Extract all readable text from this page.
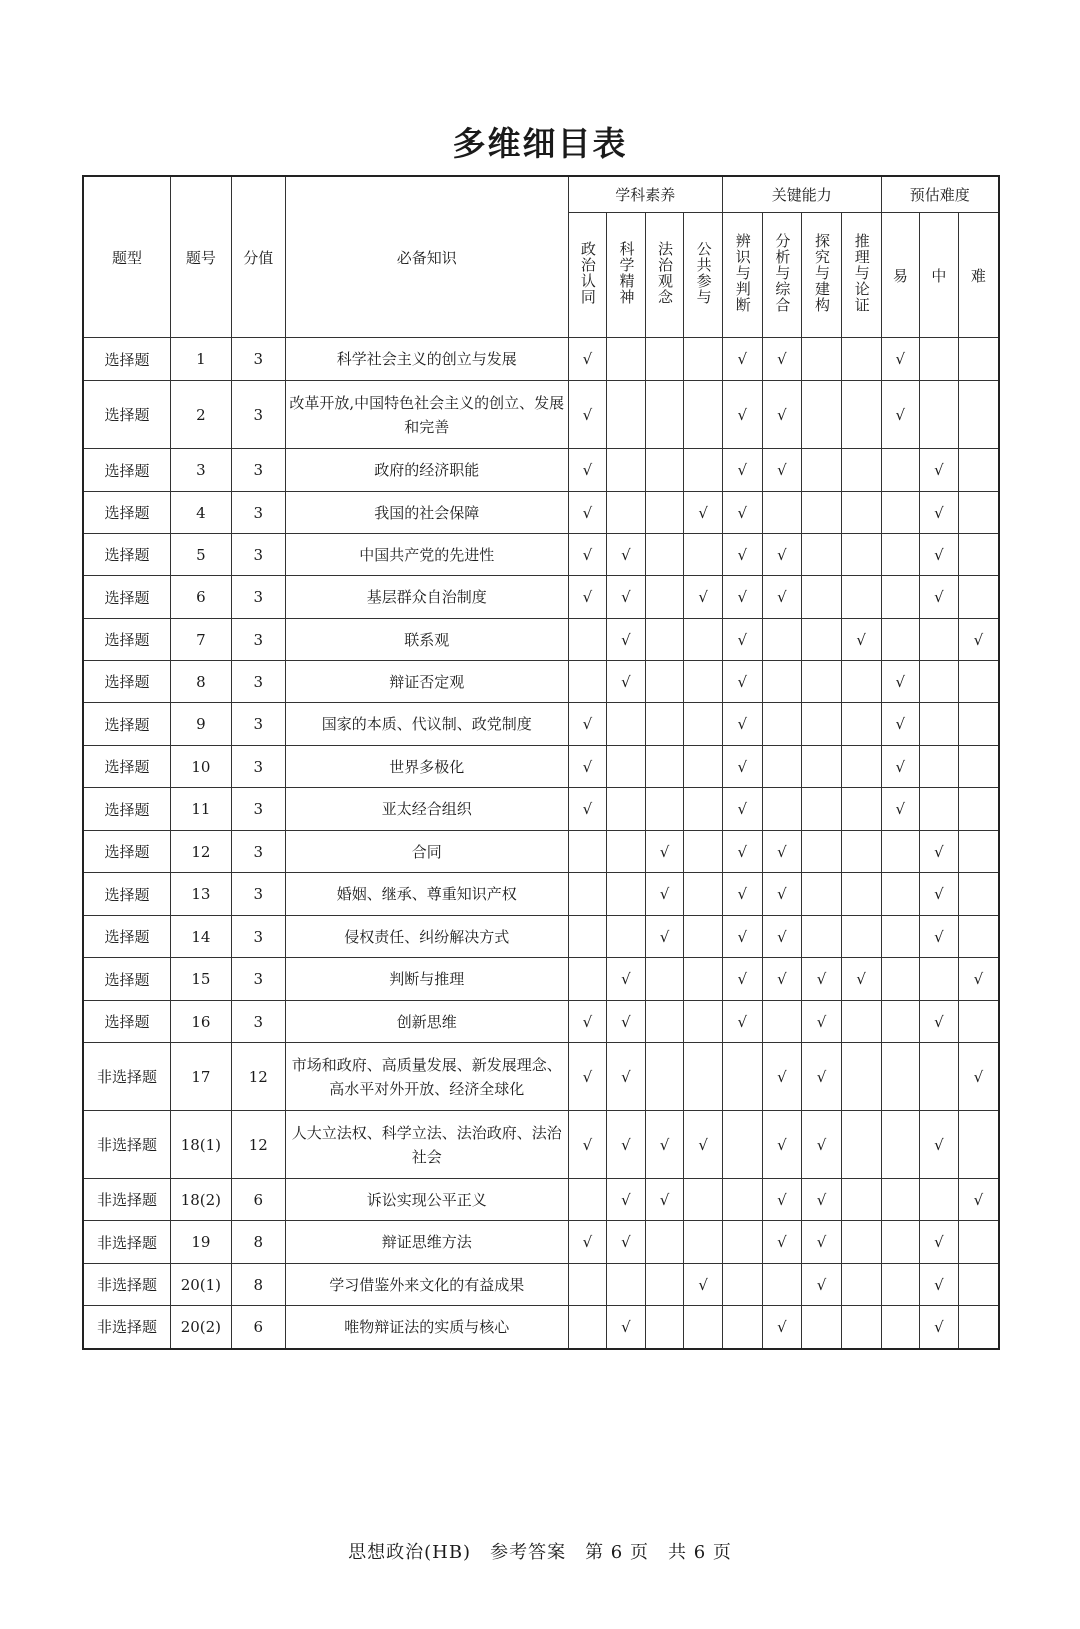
多维细目表
题型	题号	分值	必备知识	学科素养				关键能力				预估难度		
				政治认同	科学精神	法治观念	公共参与	辨识与判断	分析与综合	探究与建构	推理与论证	易	中	难
选择题	1	3	科学社会主义的创立与发展	√				√	√			√		
选择题	2	3	改革开放,中国特色社会主义的创立、发展和完善	√				√	√			√		
选择题	3	3	政府的经济职能	√				√	√				√	
选择题	4	3	我国的社会保障	√			√	√					√	
选择题	5	3	中国共产党的先进性	√	√			√	√				√	
选择题	6	3	基层群众自治制度	√	√		√	√	√				√	
选择题	7	3	联系观		√			√			√			√
选择题	8	3	辩证否定观		√			√				√		
选择题	9	3	国家的本质、代议制、政党制度	√				√				√		
选择题	10	3	世界多极化	√				√				√		
选择题	11	3	亚太经合组织	√				√				√		
选择题	12	3	合同			√		√	√				√	
选择题	13	3	婚姻、继承、尊重知识产权			√		√	√				√	
选择题	14	3	侵权责任、纠纷解决方式			√		√	√				√	
选择题	15	3	判断与推理		√			√	√	√	√			√
选择题	16	3	创新思维	√	√			√		√			√	
非选择题	17	12	市场和政府、高质量发展、新发展理念、高水平对外开放、经济全球化	√	√				√	√				√
非选择题	18(1)	12	人大立法权、科学立法、法治政府、法治社会	√	√	√	√		√	√			√	
非选择题	18(2)	6	诉讼实现公平正义		√	√			√	√				√
非选择题	19	8	辩证思维方法	√	√				√	√			√	
非选择题	20(1)	8	学习借鉴外来文化的有益成果				√			√			√	
非选择题	20(2)	6	唯物辩证法的实质与核心		√				√				√	
思想政治(HB)　参考答案　第 6 页　共 6 页
